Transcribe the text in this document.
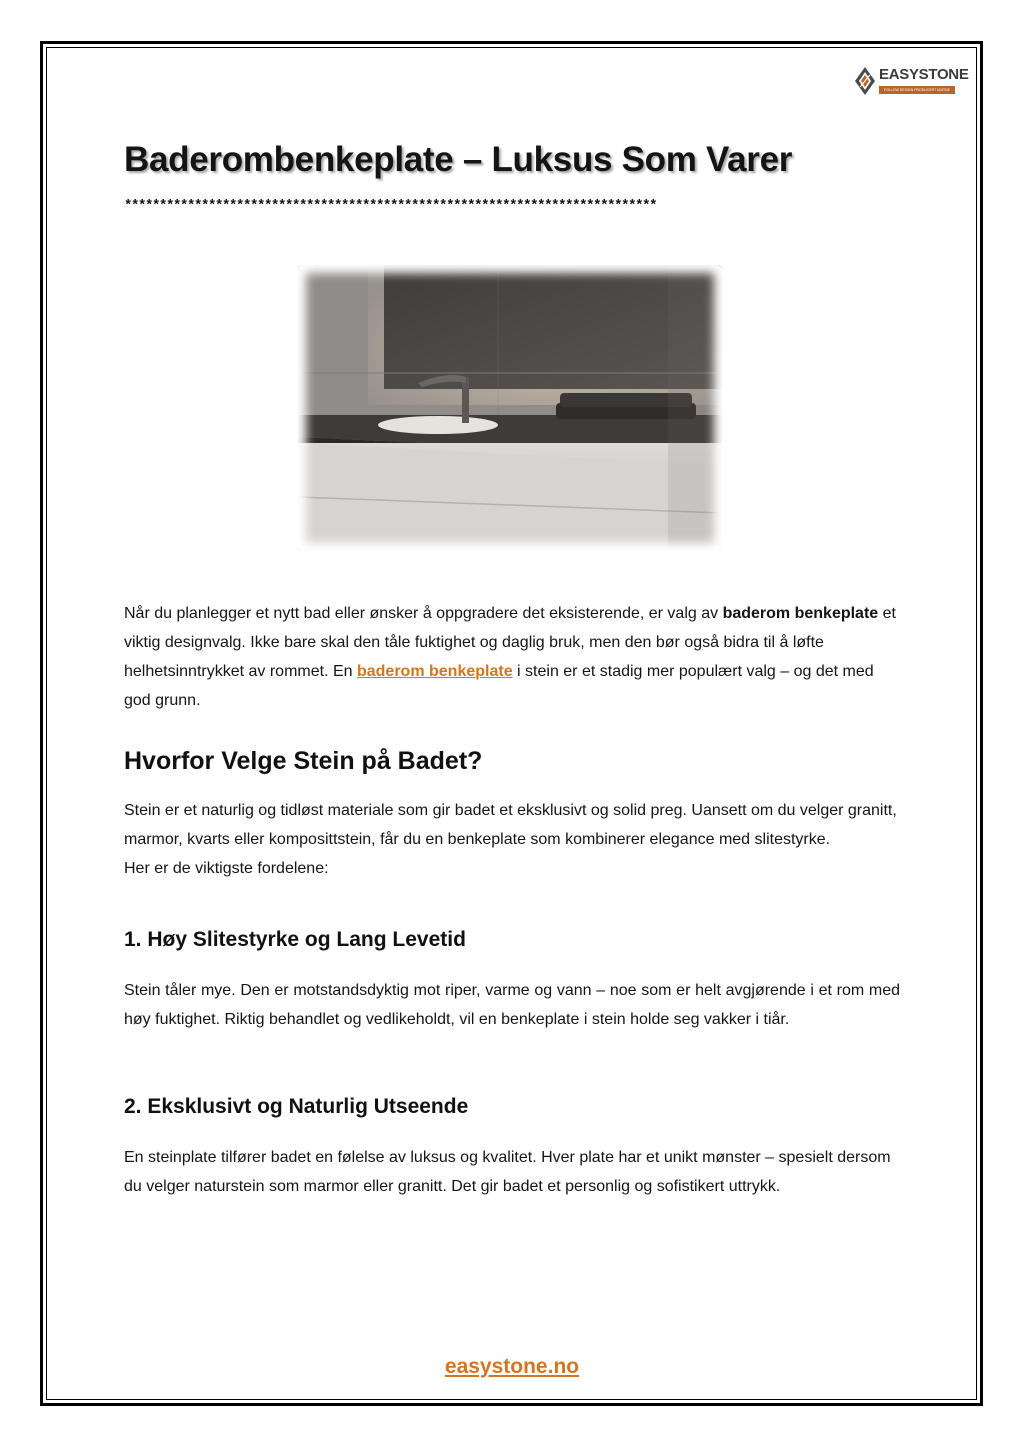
EASYSTONE
FOLLOW DESIGN PRODUCERT NORGE
Baderombenkeplate – Luksus Som Varer
****************************************************************************

Når du planlegger et nytt bad eller ønsker å oppgradere det eksisterende, er valg av baderom benkeplate et viktig designvalg. Ikke bare skal den tåle fuktighet og daglig bruk, men den bør også bidra til å løfte helhetsinntrykket av rommet. En baderom benkeplate i stein er et stadig mer populært valg – og det med god grunn.

Hvorfor Velge Stein på Badet?

Stein er et naturlig og tidløst materiale som gir badet et eksklusivt og solid preg. Uansett om du velger granitt, marmor, kvarts eller komposittstein, får du en benkeplate som kombinerer elegance med slitestyrke.
Her er de viktigste fordelene:

1. Høy Slitestyrke og Lang Levetid

Stein tåler mye. Den er motstandsdyktig mot riper, varme og vann – noe som er helt avgjørende i et rom med høy fuktighet. Riktig behandlet og vedlikeholdt, vil en benkeplate i stein holde seg vakker i tiår.

2. Eksklusivt og Naturlig Utseende

En steinplate tilfører badet en følelse av luksus og kvalitet. Hver plate har et unikt mønster – spesielt dersom du velger naturstein som marmor eller granitt. Det gir badet et personlig og sofistikert uttrykk.

easystone.no
